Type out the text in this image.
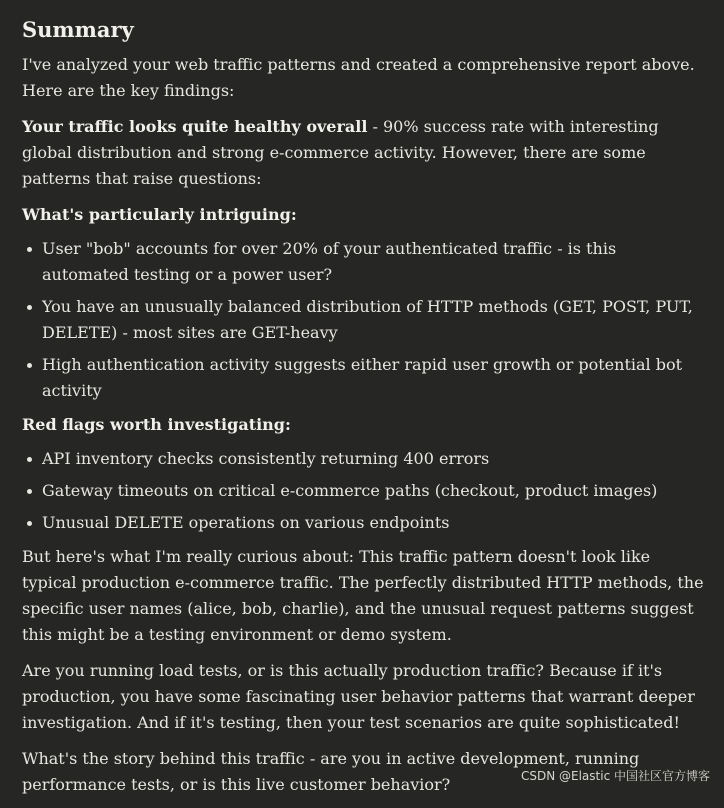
Summary

I've analyzed your web traffic patterns and created a comprehensive report above. Here are the key findings:

Your traffic looks quite healthy overall - 90% success rate with interesting global distribution and strong e-commerce activity. However, there are some patterns that raise questions:

What's particularly intriguing:

User "bob" accounts for over 20% of your authenticated traffic - is this automated testing or a power user?
You have an unusually balanced distribution of HTTP methods (GET, POST, PUT, DELETE) - most sites are GET-heavy
High authentication activity suggests either rapid user growth or potential bot activity

Red flags worth investigating:

API inventory checks consistently returning 400 errors
Gateway timeouts on critical e-commerce paths (checkout, product images)
Unusual DELETE operations on various endpoints

But here's what I'm really curious about: This traffic pattern doesn't look like typical production e-commerce traffic. The perfectly distributed HTTP methods, the specific user names (alice, bob, charlie), and the unusual request patterns suggest this might be a testing environment or demo system.

Are you running load tests, or is this actually production traffic? Because if it's production, you have some fascinating user behavior patterns that warrant deeper investigation. And if it's testing, then your test scenarios are quite sophisticated!

What's the story behind this traffic - are you in active development, running performance tests, or is this live customer behavior?	CSDN @Elastic 中国社区官方博客
